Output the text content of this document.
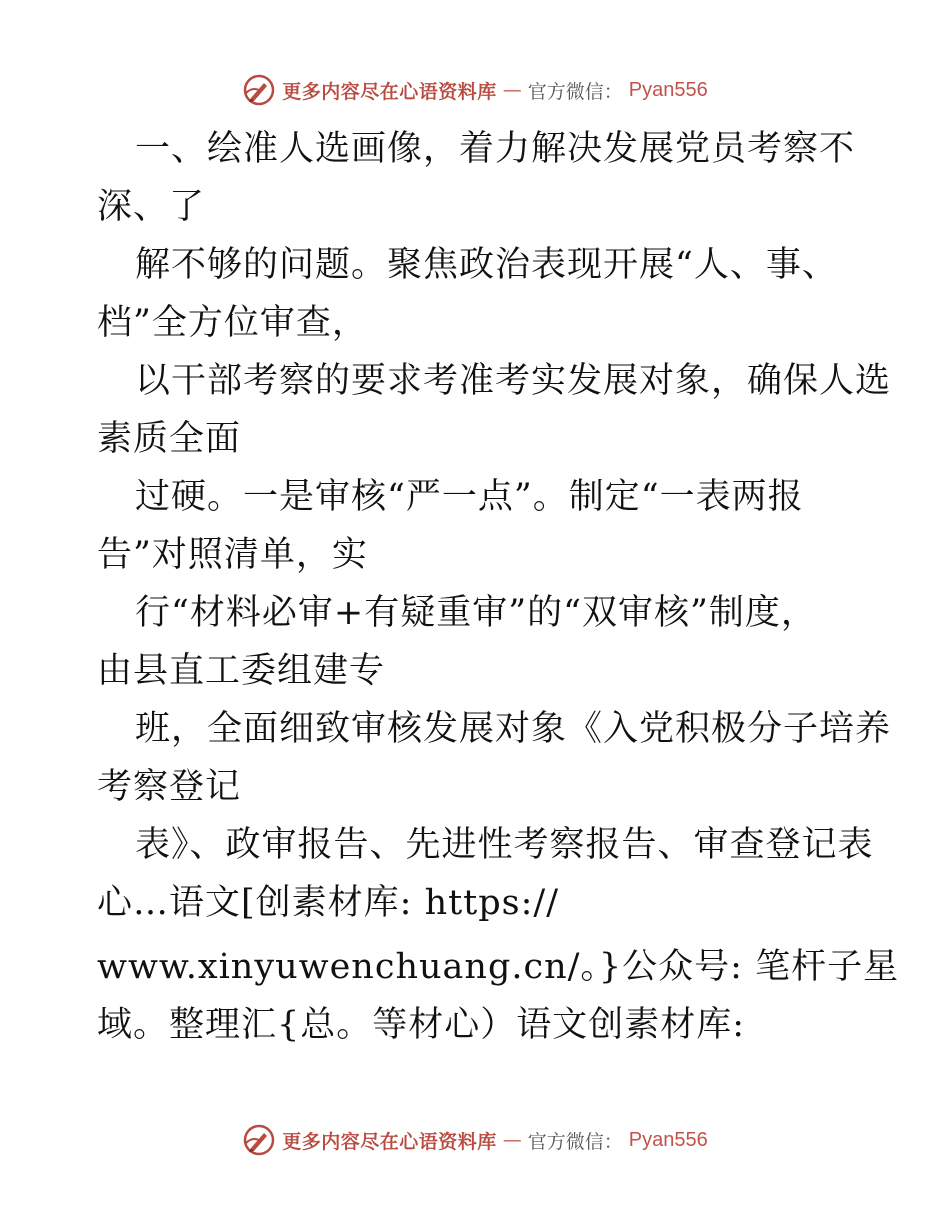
更多内容尽在心语资料库 — 官方微信： Pyan556
一、绘准人选画像，着力解决发展党员考察不
深、了
解不够的问题。聚焦政治表现开展“人、事、
档”全方位审查，
以干部考察的要求考准考实发展对象，确保人选
素质全面
过硬。一是审核“严一点”。制定“一表两报
告”对照清单，实
行“材料必审+有疑重审”的“双审核”制度，
由县直工委组建专
班，全面细致审核发展对象《入党积极分子培养
考察登记
表》、政审报告、先进性考察报告、审查登记表
心…语文[创素材库: https://
www.xinyuwenchuang.cn/。}公众号: 笔杆子星
域。整理汇{总。等材心）语文创素材库:
更多内容尽在心语资料库 — 官方微信： Pyan556
